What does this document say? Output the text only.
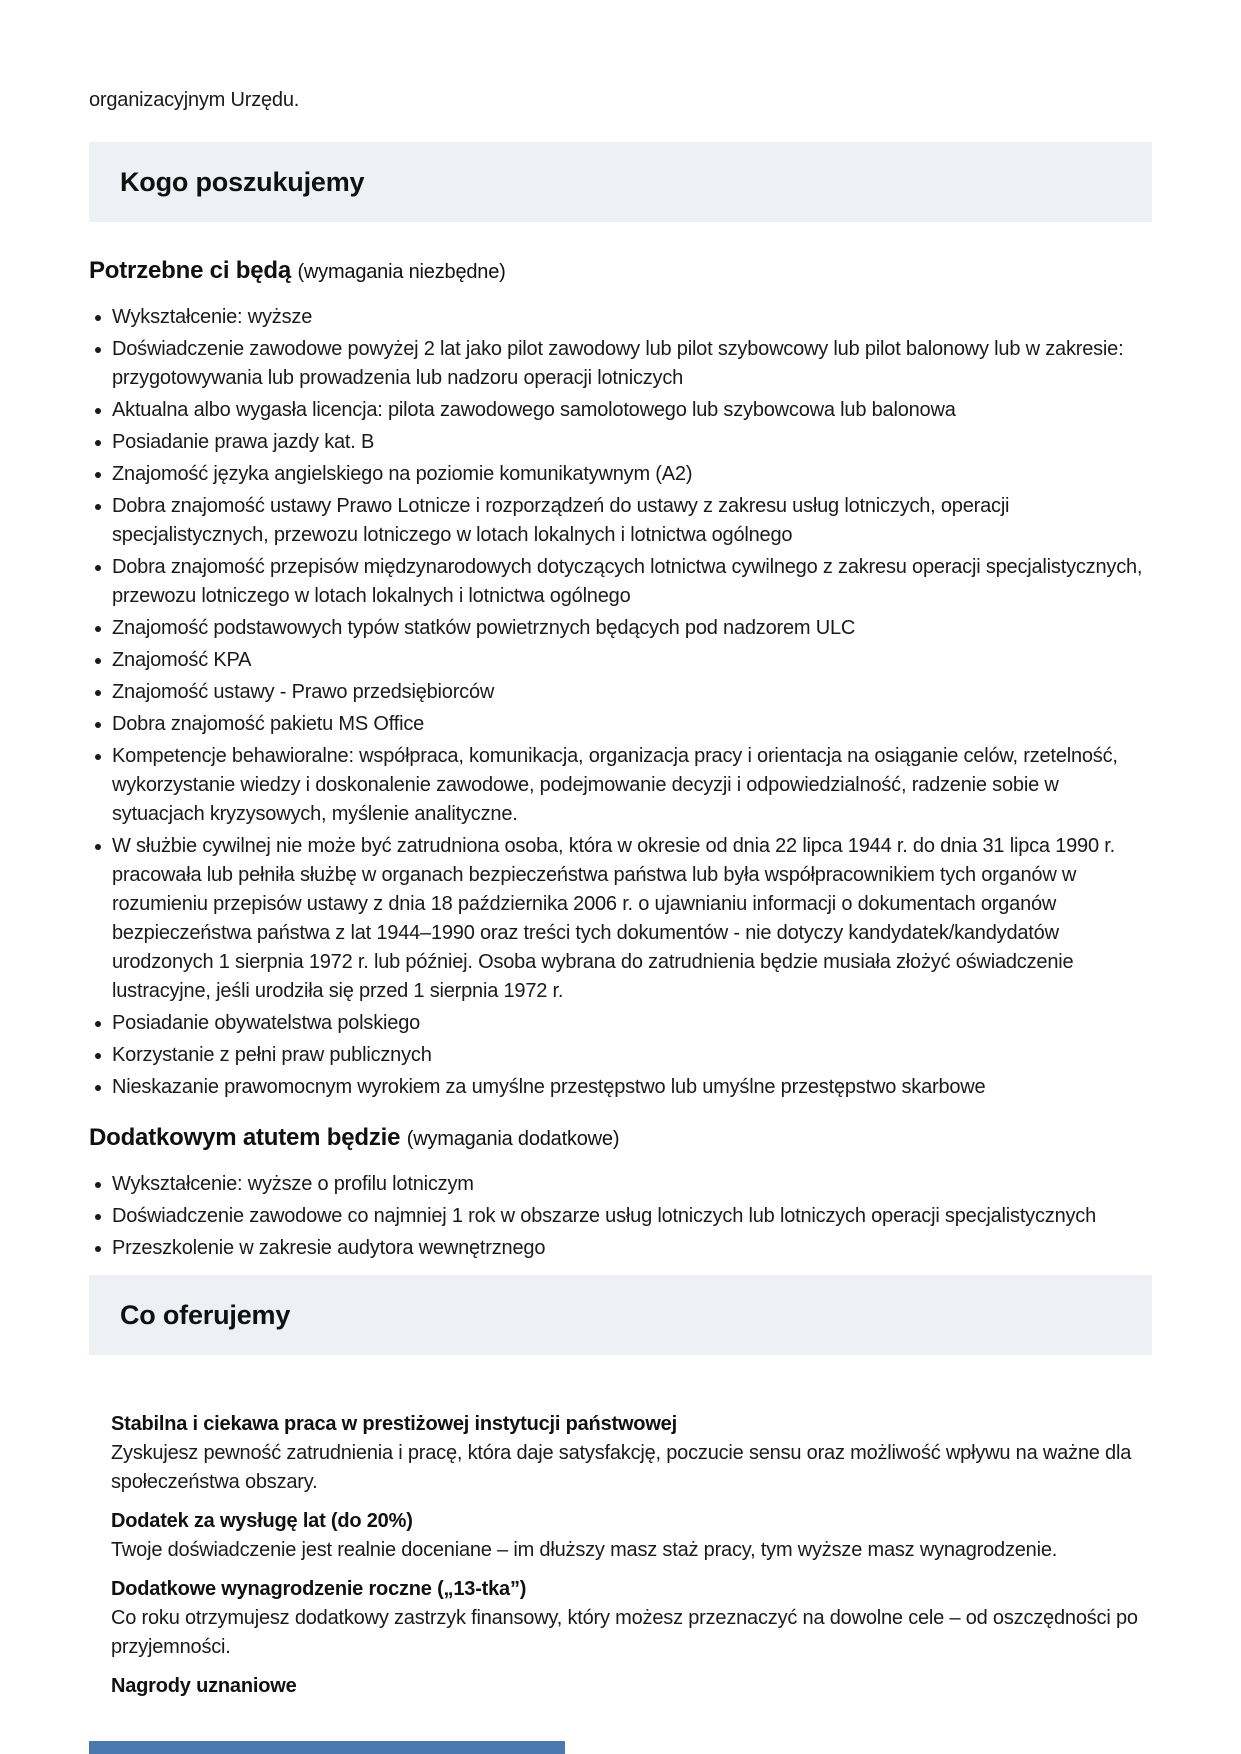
organizacyjnym Urzędu.

Kogo poszukujemy
Potrzebne ci będą (wymagania niezbędne)
Wykształcenie: wyższe
Doświadczenie zawodowe powyżej 2 lat jako pilot zawodowy lub pilot szybowcowy lub pilot balonowy lub w zakresie: przygotowywania lub prowadzenia lub nadzoru operacji lotniczych
Aktualna albo wygasła licencja: pilota zawodowego samolotowego lub szybowcowa lub balonowa
Posiadanie prawa jazdy kat. B
Znajomość języka angielskiego na poziomie komunikatywnym (A2)
Dobra znajomość ustawy Prawo Lotnicze i rozporządzeń do ustawy z zakresu usług lotniczych, operacji specjalistycznych, przewozu lotniczego w lotach lokalnych i lotnictwa ogólnego
Dobra znajomość przepisów międzynarodowych dotyczących lotnictwa cywilnego z zakresu operacji specjalistycznych, przewozu lotniczego w lotach lokalnych i lotnictwa ogólnego
Znajomość podstawowych typów statków powietrznych będących pod nadzorem ULC
Znajomość KPA
Znajomość ustawy - Prawo przedsiębiorców
Dobra znajomość pakietu MS Office
Kompetencje behawioralne: współpraca, komunikacja, organizacja pracy i orientacja na osiąganie celów, rzetelność, wykorzystanie wiedzy i doskonalenie zawodowe, podejmowanie decyzji i odpowiedzialność, radzenie sobie w sytuacjach kryzysowych, myślenie analityczne.
W służbie cywilnej nie może być zatrudniona osoba, która w okresie od dnia 22 lipca 1944 r. do dnia 31 lipca 1990 r. pracowała lub pełniła służbę w organach bezpieczeństwa państwa lub była współpracownikiem tych organów w rozumieniu przepisów ustawy z dnia 18 października 2006 r. o ujawnianiu informacji o dokumentach organów bezpieczeństwa państwa z lat 1944–1990 oraz treści tych dokumentów - nie dotyczy kandydatek/kandydatów urodzonych 1 sierpnia 1972 r. lub później. Osoba wybrana do zatrudnienia będzie musiała złożyć oświadczenie lustracyjne, jeśli urodziła się przed 1 sierpnia 1972 r.
Posiadanie obywatelstwa polskiego
Korzystanie z pełni praw publicznych
Nieskazanie prawomocnym wyrokiem za umyślne przestępstwo lub umyślne przestępstwo skarbowe
Dodatkowym atutem będzie (wymagania dodatkowe)
Wykształcenie: wyższe o profilu lotniczym
Doświadczenie zawodowe co najmniej 1 rok w obszarze usług lotniczych lub lotniczych operacji specjalistycznych
Przeszkolenie w zakresie audytora wewnętrznego
Co oferujemy
Stabilna i ciekawa praca w prestiżowej instytucji państwowej

Zyskujesz pewność zatrudnienia i pracę, która daje satysfakcję, poczucie sensu oraz możliwość wpływu na ważne dla społeczeństwa obszary.

Dodatek za wysługę lat (do 20%)

Twoje doświadczenie jest realnie doceniane – im dłuższy masz staż pracy, tym wyższe masz wynagrodzenie.

Dodatkowe wynagrodzenie roczne („13-tka”)

Co roku otrzymujesz dodatkowy zastrzyk finansowy, który możesz przeznaczyć na dowolne cele – od oszczędności po przyjemności.

Nagrody uznaniowe
